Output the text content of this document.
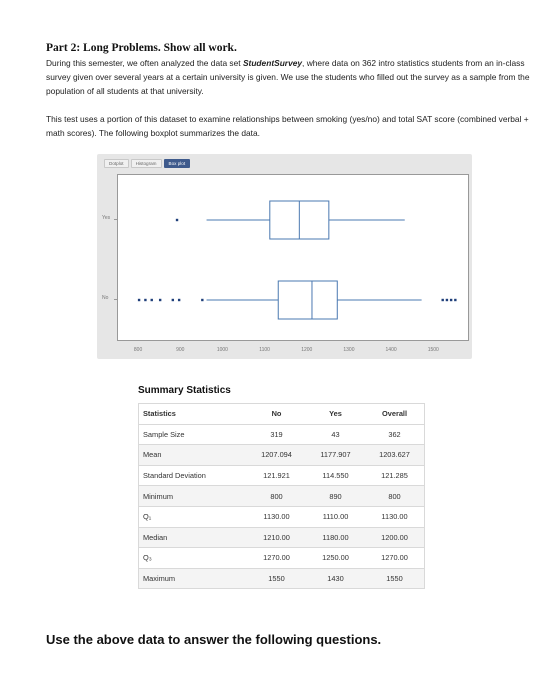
Part 2: Long Problems. Show all work.
During this semester, we often analyzed the data set StudentSurvey, where data on 362 intro statistics students from an in-class survey given over several years at a certain university is given. We use the students who filled out the survey as a sample from the population of all students at that university.
This test uses a portion of this dataset to examine relationships between smoking (yes/no) and total SAT score (combined verbal + math scores). The following boxplot summarizes the data.
Dotplot	Histogram	Box plot
Yes
No
800	900	1000	1100	1200	1300	1400	1500
Summary Statistics
Statistics	No	Yes	Overall
Sample Size	319	43	362
Mean	1207.094	1177.907	1203.627
Standard Deviation	121.921	114.550	121.285
Minimum	800	890	800
Q₁	1130.00	1110.00	1130.00
Median	1210.00	1180.00	1200.00
Q₃	1270.00	1250.00	1270.00
Maximum	1550	1430	1550
Use the above data to answer the following questions.
